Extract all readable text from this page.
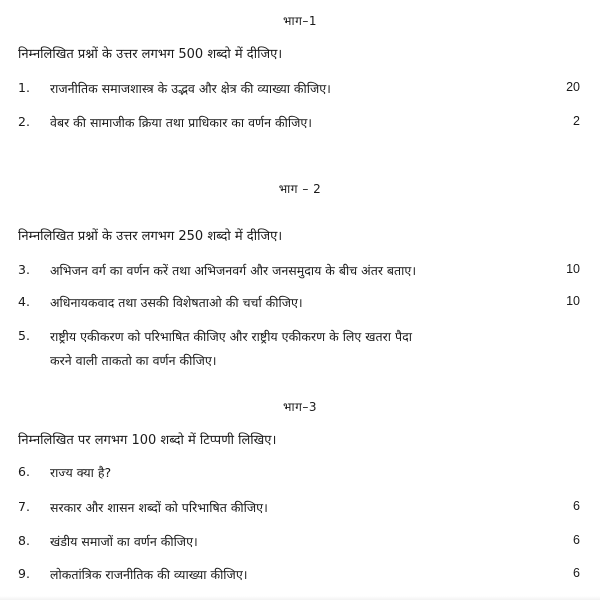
भाग–1
निम्नलिखित प्रश्नों के उत्तर लगभग 500 शब्दो में दीजिए।
1. राजनीतिक समाजशास्त्र के उद्भव और क्षेत्र की व्याख्या कीजिए।	20
2. वेबर की सामाजीक क्रिया तथा प्राधिकार का वर्णन कीजिए।	2
भाग – 2
निम्नलिखित प्रश्नों के उत्तर लगभग 250 शब्दो में दीजिए।
3. अभिजन वर्ग का वर्णन करें तथा अभिजनवर्ग और जनसमुदाय के बीच अंतर बताए।	10
4. अधिनायकवाद तथा उसकी विशेषताओ की चर्चा कीजिए।	10
5. राष्ट्रीय एकीकरण को परिभाषित कीजिए और राष्ट्रीय एकीकरण के लिए खतरा पैदा
करने वाली ताकतो का वर्णन कीजिए।
भाग–3
निम्नलिखित पर लगभग 100 शब्दो में टिप्पणी लिखिए।
6. राज्य क्या है?
7. सरकार और शासन शब्दों को परिभाषित कीजिए।	6
8. खंडीय समाजों का वर्णन कीजिए।	6
9. लोकतांत्रिक राजनीतिक की व्याख्या कीजिए।	6
